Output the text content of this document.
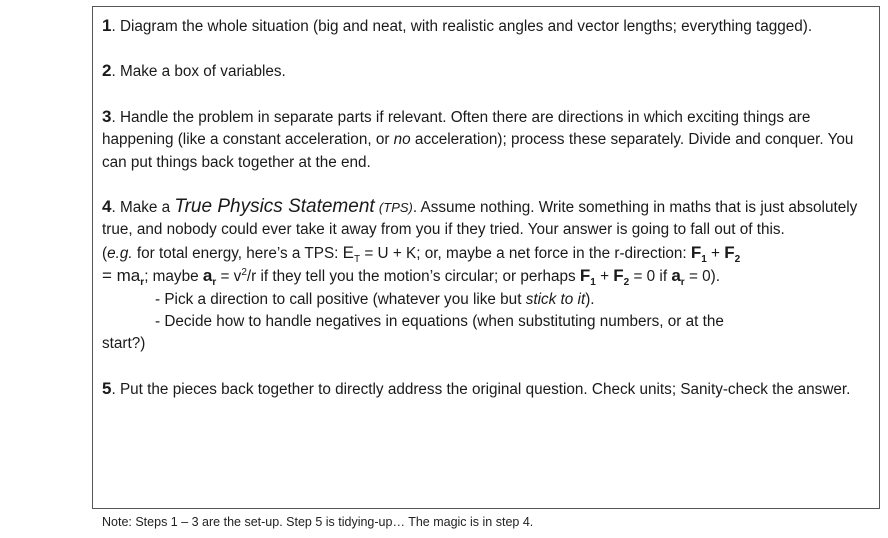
1. Diagram the whole situation (big and neat, with realistic angles and vector lengths; everything tagged).

2. Make a box of variables.

3. Handle the problem in separate parts if relevant. Often there are directions in which exciting things are happening (like a constant acceleration, or no acceleration); process these separately. Divide and conquer. You can put things back together at the end.

4. Make a True Physics Statement (TPS). Assume nothing. Write something in maths that is just absolutely true, and nobody could ever take it away from you if they tried. Your answer is going to fall out of this.
(e.g. for total energy, here’s a TPS: $E_T = U + K$; or, maybe a net force in the r-direction: $F_1 + F_2$
= $ma_r$; maybe $a_r = v^2/r$ if they tell you the motion’s circular; or perhaps $F_1 + F_2 = 0$ if $a_r = 0$).

- Pick a direction to call positive (whatever you like but stick to it).
- Decide how to handle negatives in equations (when substituting numbers, or at the
start?)

5. Put the pieces back together to directly address the original question. Check units; Sanity-check the answer.

Note: Steps 1 – 3 are the set-up. Step 5 is tidying-up… The magic is in step 4.
